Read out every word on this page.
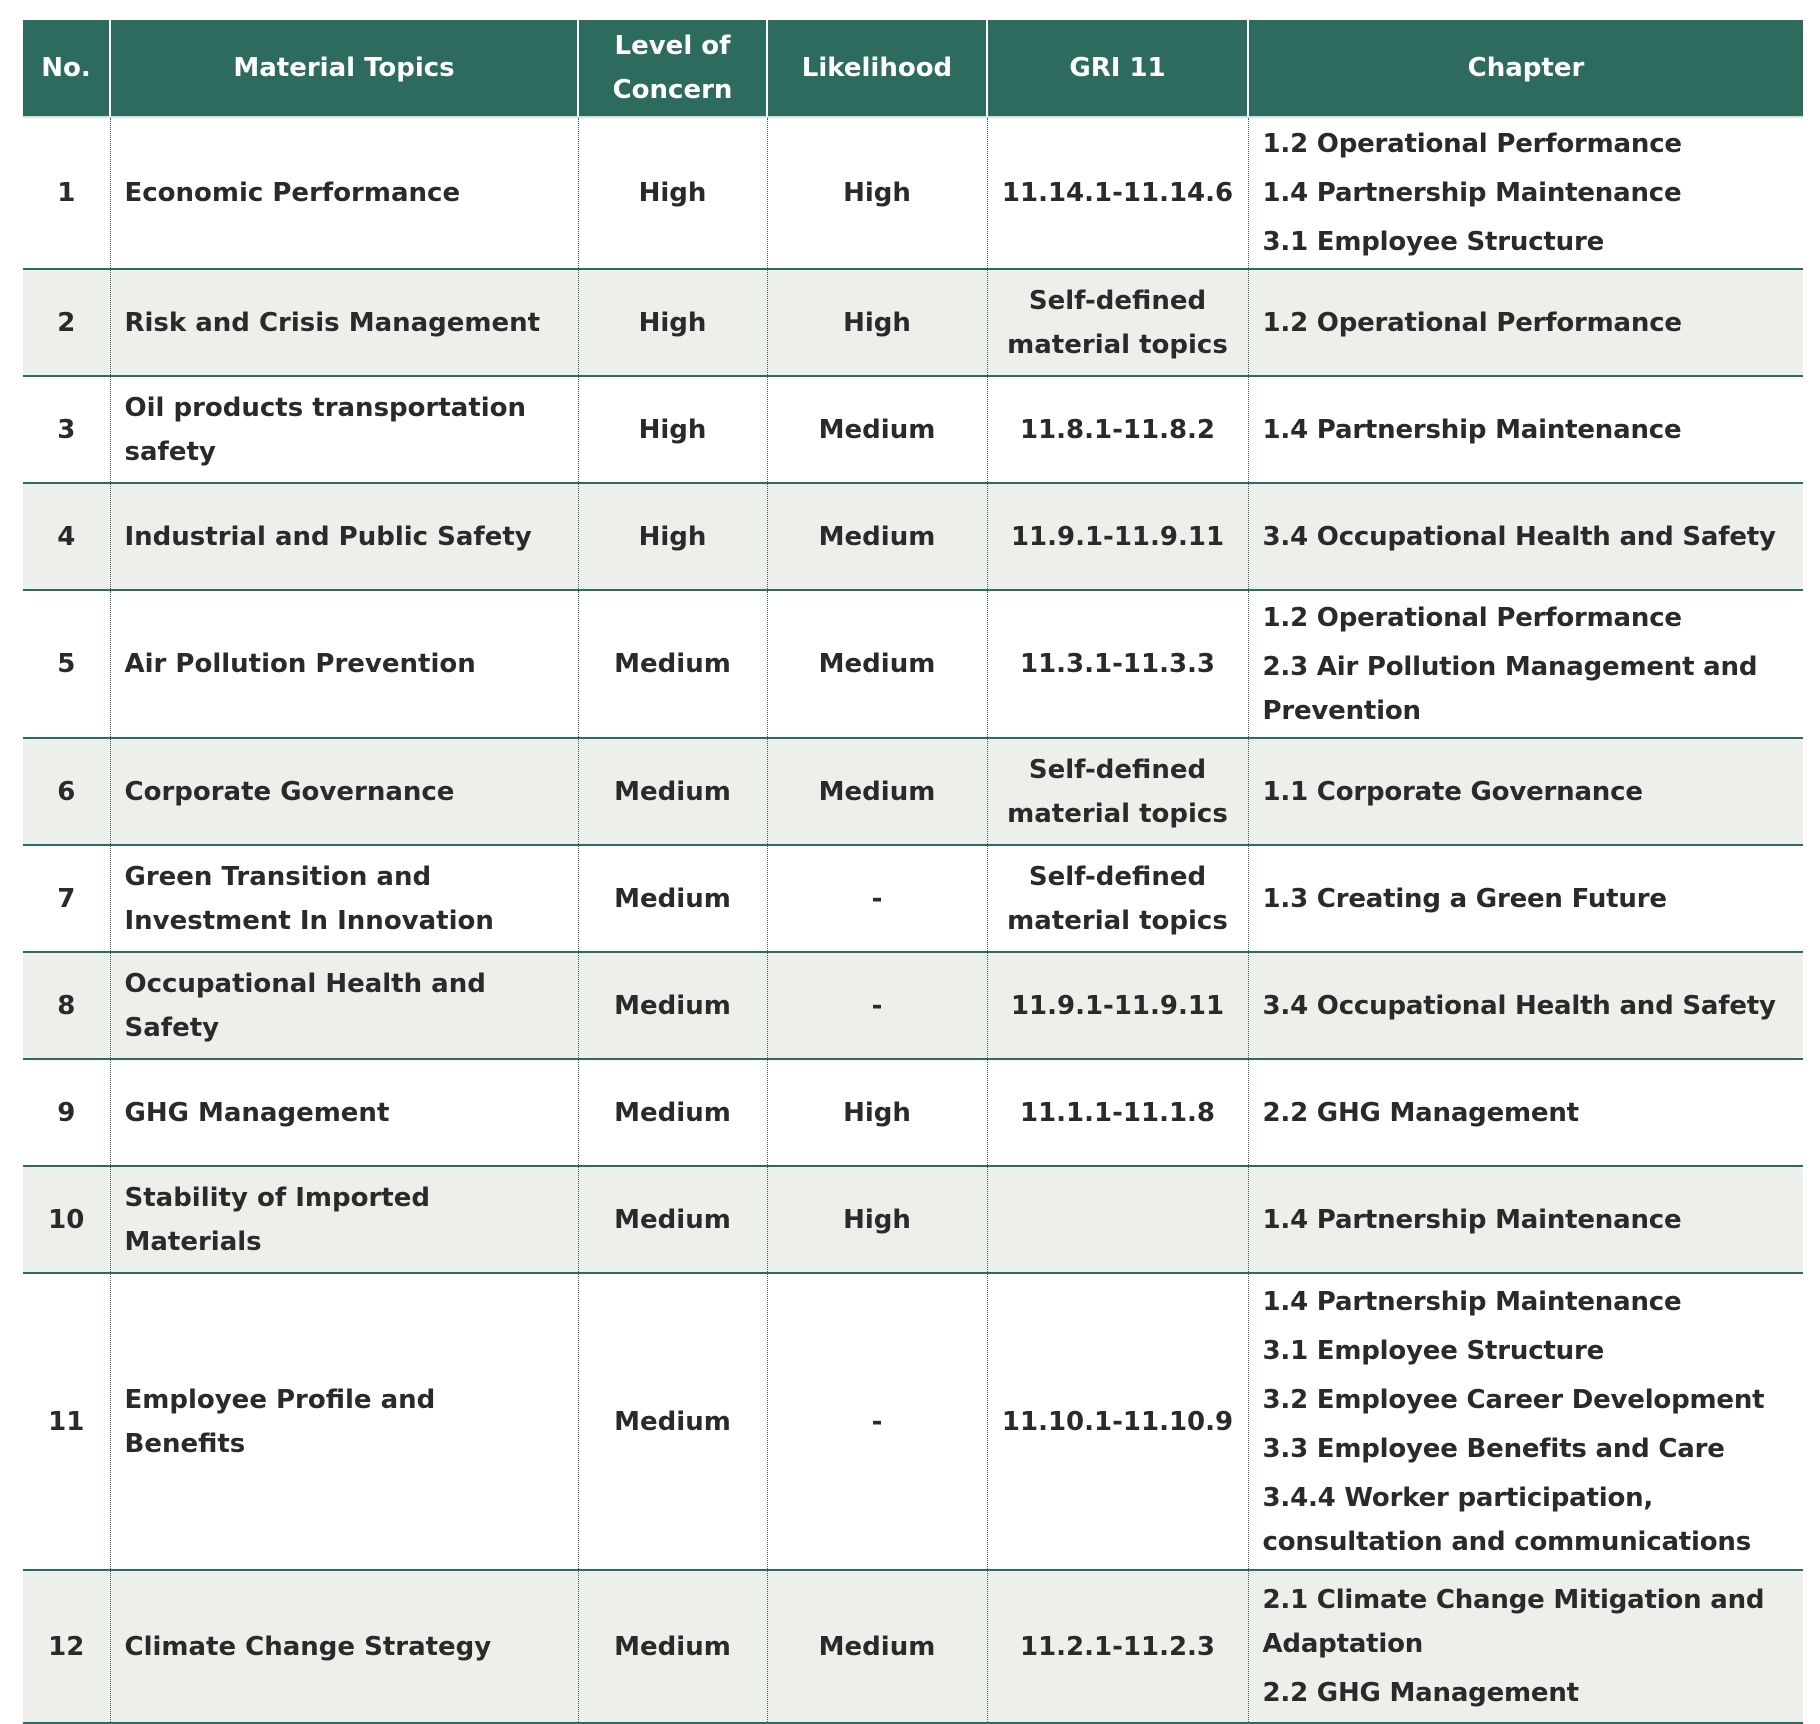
No.	Material Topics	Level of Concern	Likelihood	GRI 11	Chapter
1	Economic Performance	High	High	11.14.1-11.14.6	1.2 Operational Performance
1.4 Partnership Maintenance
3.1 Employee Structure

2	Risk and Crisis Management	High	High	Self-defined material topics	1.2 Operational Performance

3	Oil products transportation safety	High	Medium	11.8.1-11.8.2	1.4 Partnership Maintenance

4	Industrial and Public Safety	High	Medium	11.9.1-11.9.11	3.4 Occupational Health and Safety

5	Air Pollution Prevention	Medium	Medium	11.3.1-11.3.3	1.2 Operational Performance
2.3 Air Pollution Management and Prevention

6	Corporate Governance	Medium	Medium	Self-defined material topics	1.1 Corporate Governance

7	Green Transition and Investment In Innovation	Medium	-	Self-defined material topics	1.3 Creating a Green Future

8	Occupational Health and Safety	Medium	-	11.9.1-11.9.11	3.4 Occupational Health and Safety

9	GHG Management	Medium	High	11.1.1-11.1.8	2.2 GHG Management

10	Stability of Imported Materials	Medium	High		1.4 Partnership Maintenance

11	Employee Profile and Benefits	Medium	-	11.10.1-11.10.9	1.4 Partnership Maintenance
3.1 Employee Structure
3.2 Employee Career Development
3.3 Employee Benefits and Care
3.4.4 Worker participation, consultation and communications

12	Climate Change Strategy	Medium	Medium	11.2.1-11.2.3	2.1 Climate Change Mitigation and Adaptation
2.2 GHG Management
